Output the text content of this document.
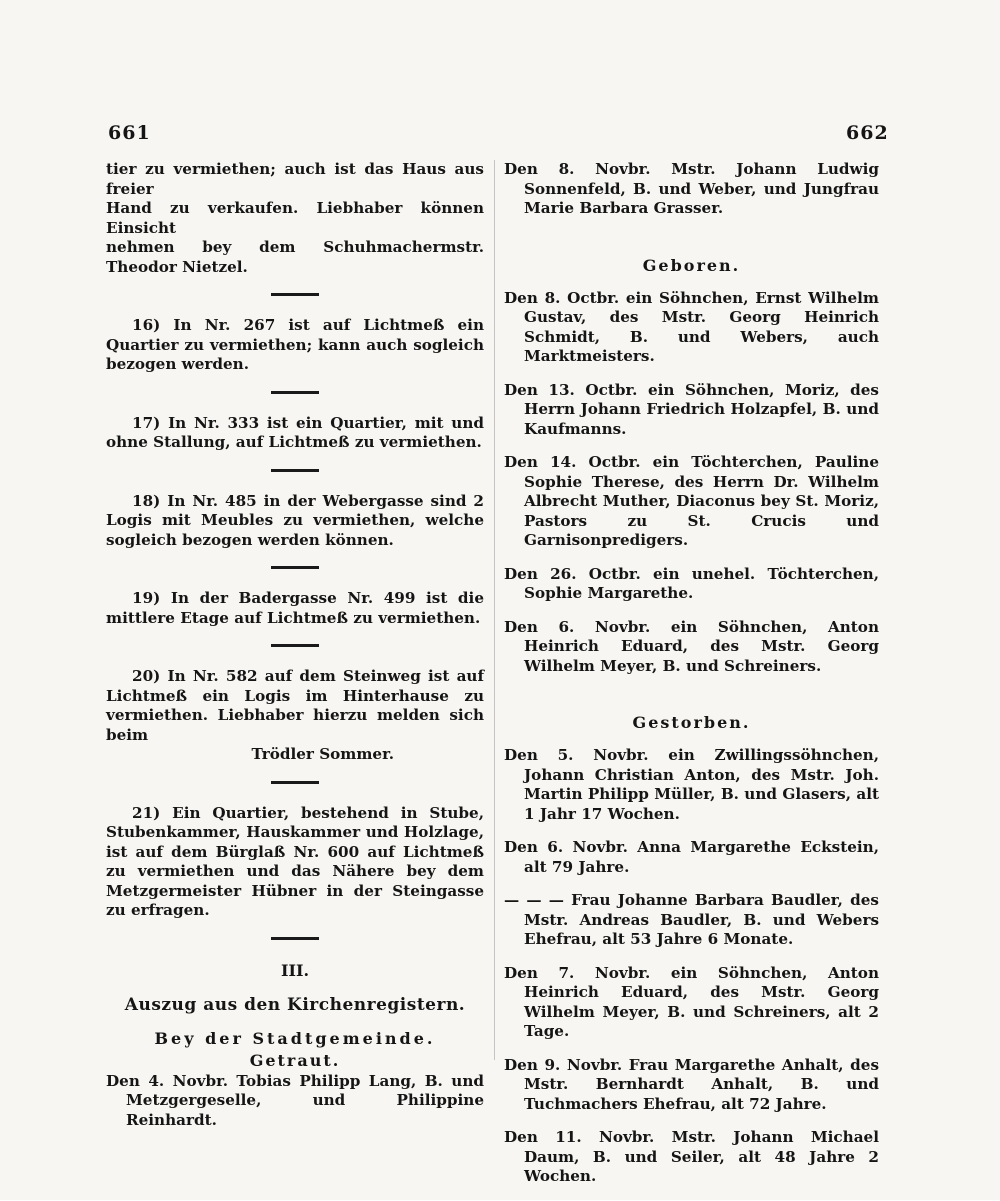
661	662

tier zu vermiethen; auch ist das Haus aus freier

Hand zu verkaufen. Liebhaber können Einsicht

nehmen bey dem Schuhmachermstr. Theodor Nietzel.

16) In Nr. 267 ist auf Lichtmeß ein Quartier zu vermiethen; kann auch sogleich bezogen werden.

17) In Nr. 333 ist ein Quartier, mit und ohne Stallung, auf Lichtmeß zu vermiethen.

18) In Nr. 485 in der Webergasse sind 2 Logis mit Meubles zu vermiethen, welche sogleich bezogen werden können.

19) In der Badergasse Nr. 499 ist die mittlere Etage auf Lichtmeß zu vermiethen.

20) In Nr. 582 auf dem Steinweg ist auf Lichtmeß ein Logis im Hinterhause zu vermiethen. Liebhaber hierzu melden sich beim

Trödler Sommer.

21) Ein Quartier, bestehend in Stube, Stubenkammer, Hauskammer und Holzlage, ist auf dem Bürglaß Nr. 600 auf Lichtmeß zu vermiethen und das Nähere bey dem Metzgermeister Hübner in der Steingasse zu erfragen.

III.
Auszug aus den Kirchenregistern.
Bey der Stadtgemeinde.
Getraut.

Den 4. Novbr. Tobias Philipp Lang, B. und Metzgergeselle, und Philippine Reinhardt.

Den 8. Novbr. Mstr. Johann Ludwig Sonnenfeld, B. und Weber, und Jungfrau Marie Barbara Grasser.

Geboren.

Den 8. Octbr. ein Söhnchen, Ernst Wilhelm Gustav, des Mstr. Georg Heinrich Schmidt, B. und Webers, auch Marktmeisters.

Den 13. Octbr. ein Söhnchen, Moriz, des Herrn Johann Friedrich Holzapfel, B. und Kaufmanns.

Den 14. Octbr. ein Töchterchen, Pauline Sophie Therese, des Herrn Dr. Wilhelm Albrecht Muther, Diaconus bey St. Moriz, Pastors zu St. Crucis und Garnisonpredigers.

Den 26. Octbr. ein unehel. Töchterchen, Sophie Margarethe.

Den 6. Novbr. ein Söhnchen, Anton Heinrich Eduard, des Mstr. Georg Wilhelm Meyer, B. und Schreiners.

Gestorben.

Den 5. Novbr. ein Zwillingssöhnchen, Johann Christian Anton, des Mstr. Joh. Martin Philipp Müller, B. und Glasers, alt 1 Jahr 17 Wochen.

Den 6. Novbr. Anna Margarethe Eckstein, alt 79 Jahre.

— — — Frau Johanne Barbara Baudler, des Mstr. Andreas Baudler, B. und Webers Ehefrau, alt 53 Jahre 6 Monate.

Den 7. Novbr. ein Söhnchen, Anton Heinrich Eduard, des Mstr. Georg Wilhelm Meyer, B. und Schreiners, alt 2 Tage.

Den 9. Novbr. Frau Margarethe Anhalt, des Mstr. Bernhardt Anhalt, B. und Tuchmachers Ehefrau, alt 72 Jahre.

Den 11. Novbr. Mstr. Johann Michael Daum, B. und Seiler, alt 48 Jahre 2 Wochen.
